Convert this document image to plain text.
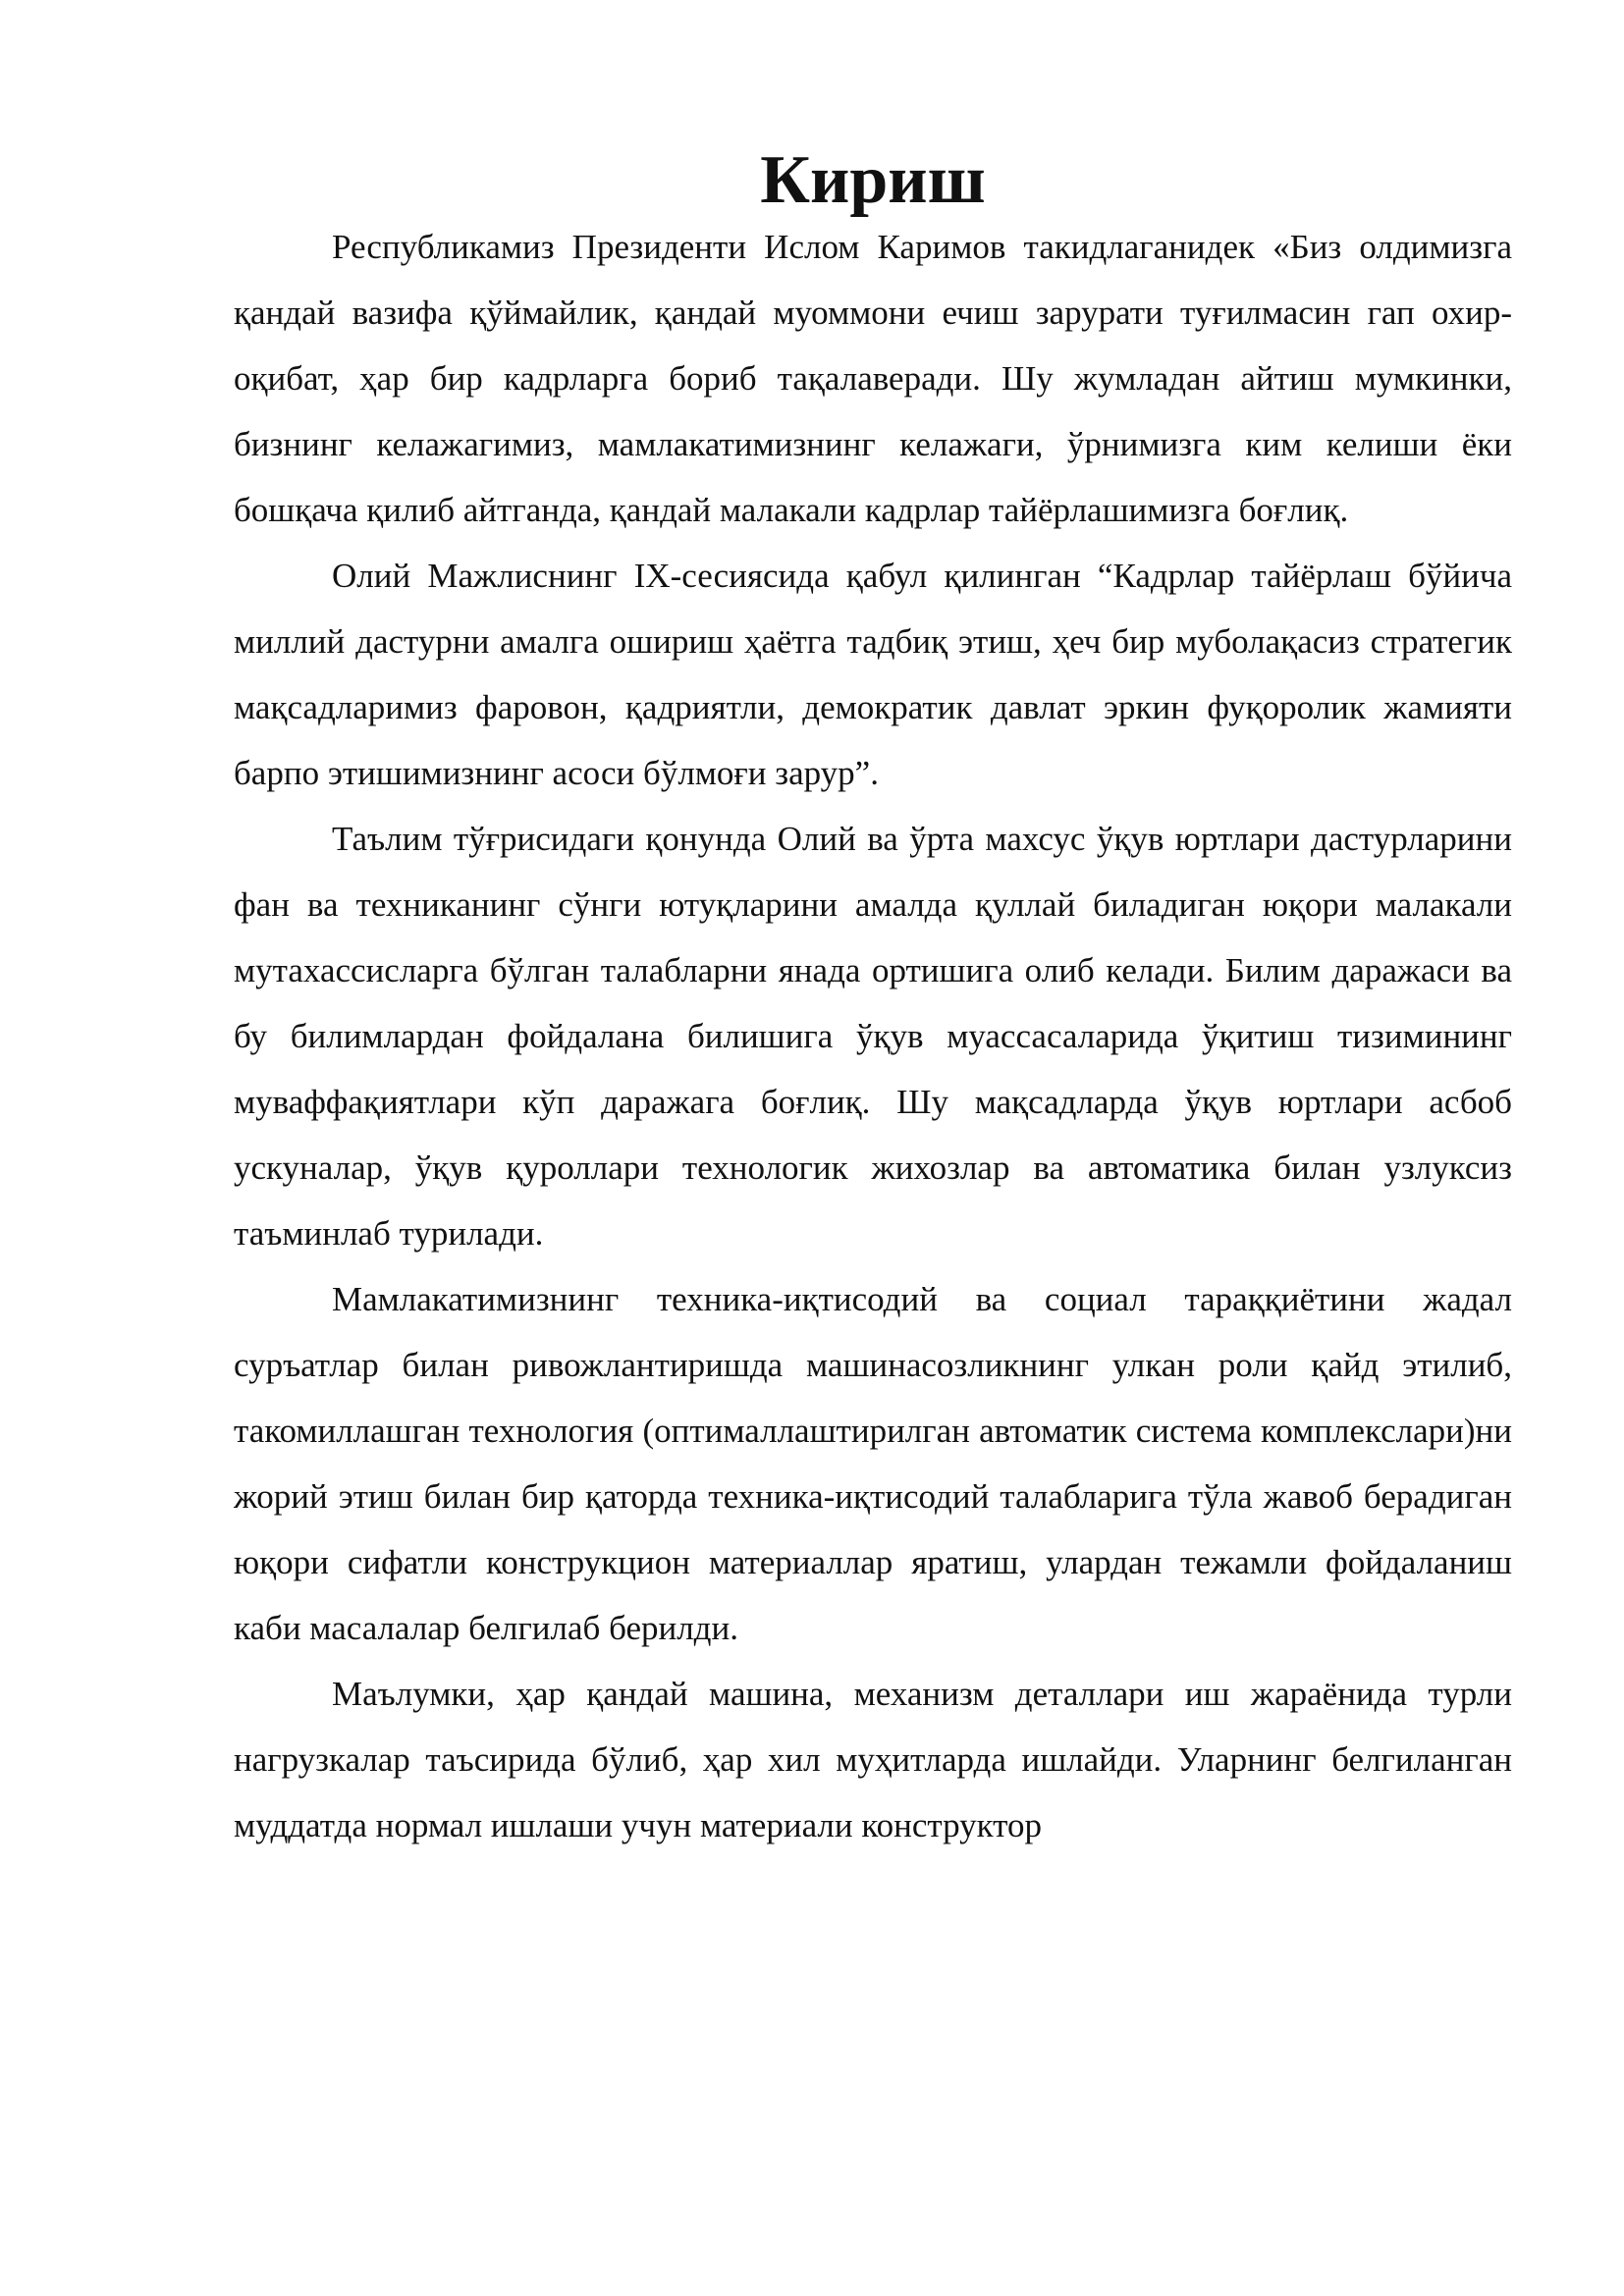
Кириш

Республикамиз Президенти Ислом Каримов такидлаганидек «Биз олдимизга қандай вазифа қўймайлик, қандай муоммони ечиш зарурати туғилмасин гап охир-оқибат, ҳар бир кадрларга бориб тақалаверади. Шу жумладан айтиш мумкинки, бизнинг келажагимиз, мамлакатимизнинг келажаги, ўрнимизга ким келиши ёки бошқача қилиб айтганда, қандай малакали кадрлар тайёрлашимизга боғлиқ.

Олий Мажлиснинг IX-сесиясида қабул қилинган “Кадрлар тайёрлаш бўйича миллий дастурни амалга ошириш ҳаётга тадбиқ этиш, ҳеч бир муболақасиз стратегик мақсадларимиз фаровон, қадриятли, демократик давлат эркин фуқоролик жамияти барпо этишимизнинг асоси бўлмоғи зарур”.

Таълим тўғрисидаги қонунда Олий ва ўрта махсус ўқув юртлари дастурларини фан ва техниканинг сўнги ютуқларини амалда қуллай биладиган юқори малакали мутахассисларга бўлган талабларни янада ортишига олиб келади. Билим даражаси ва бу билимлардан фойдалана билишига ўқув муассасаларида ўқитиш тизимининг муваффақиятлари кўп даражага боғлиқ. Шу мақсадларда ўқув юртлари асбоб ускуналар, ўқув қуроллари технологик жихозлар ва автоматика билан узлуксиз таъминлаб турилади.

Мамлакатимизнинг техника-иқтисодий ва социал тараққиётини жадал суръатлар билан ривожлантиришда машинасозликнинг улкан роли қайд этилиб, такомиллашган технология (оптималлаштирилган автоматик система комплекслари)ни жорий этиш билан бир қаторда техника-иқтисодий талабларига тўла жавоб берадиган юқори сифатли конструкцион материаллар яратиш, улардан тежамли фойдаланиш каби масалалар белгилаб берилди.

Маълумки, ҳар қандай машина, механизм деталлари иш жараёнида турли нагрузкалар таъсирида бўлиб, ҳар хил муҳитларда ишлайди. Уларнинг белгиланган муддатда нормал ишлаши учун материали конструктор
